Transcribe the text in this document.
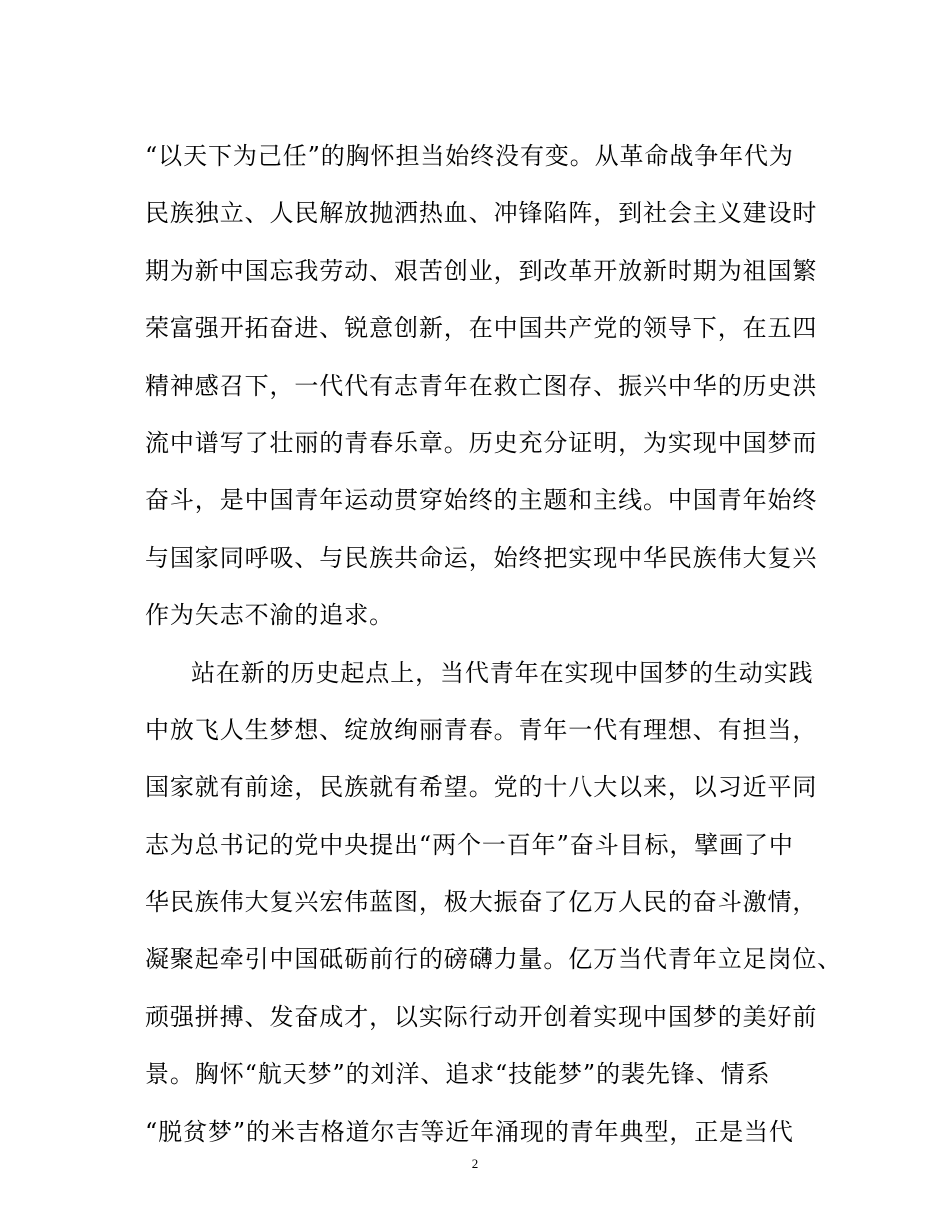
“以天下为己任”的胸怀担当始终没有变。从革命战争年代为
民族独立、人民解放抛洒热血、冲锋陷阵，到社会主义建设时
期为新中国忘我劳动、艰苦创业，到改革开放新时期为祖国繁
荣富强开拓奋进、锐意创新，在中国共产党的领导下，在五四
精神感召下，一代代有志青年在救亡图存、振兴中华的历史洪
流中谱写了壮丽的青春乐章。历史充分证明，为实现中国梦而
奋斗，是中国青年运动贯穿始终的主题和主线。中国青年始终
与国家同呼吸、与民族共命运，始终把实现中华民族伟大复兴
作为矢志不渝的追求。
站在新的历史起点上，当代青年在实现中国梦的生动实践
中放飞人生梦想、绽放绚丽青春。青年一代有理想、有担当，
国家就有前途，民族就有希望。党的十八大以来，以习近平同
志为总书记的党中央提出“两个一百年”奋斗目标，擘画了中
华民族伟大复兴宏伟蓝图，极大振奋了亿万人民的奋斗激情，
凝聚起牵引中国砥砺前行的磅礴力量。亿万当代青年立足岗位、
顽强拼搏、发奋成才，以实际行动开创着实现中国梦的美好前
景。胸怀“航天梦”的刘洋、追求“技能梦”的裴先锋、情系
“脱贫梦”的米吉格道尔吉等近年涌现的青年典型，正是当代
2
